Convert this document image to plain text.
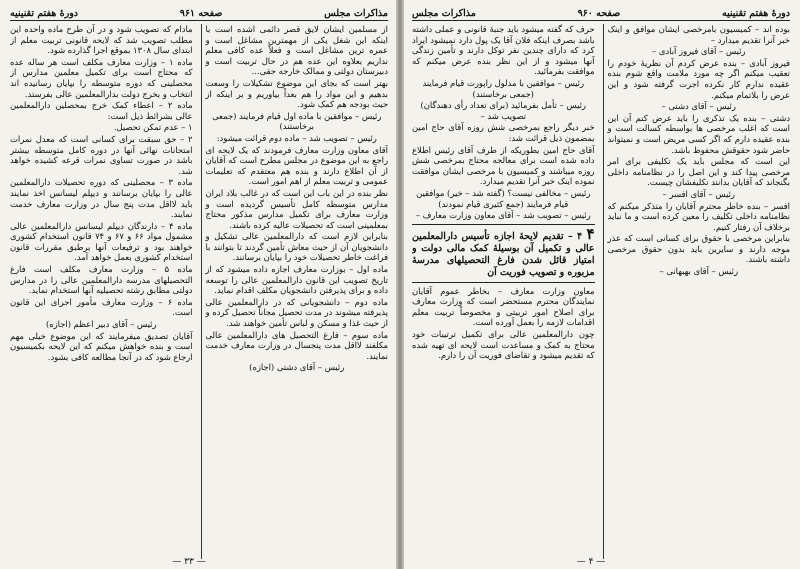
مذاکرات مجلس
صفحه ۹۶۱
دورهٔ هفتم تقنینیه

از مسلمین ایشان لایق قصر دائمی اشده است با اینکه این شغل یکی از مهمترین مشاغل است و عمره ترین مشاغل است و فعلاً عده کافی معلم نداریم بعلاوه این عده هم در حال تربیت است و دبیرستان دولتی و ممالک خارجه حقی...

بهتر است که بجای این موضوع تشکیلات را وسعت بدهیم و این مواد را هم بعداً بیاوریم و بر اینکه از حیث بودجه هم کمک شود.

رئیس – موافقین با ماده اول قیام فرمایند (جمعی برخاستند)

رئیس – تصویب شد – ماده دوم قرائت میشود:

آقای معاون وزارت معارف فرمودند که یک لایحه ای راجع به این موضوع در مجلس مطرح است که آقایان از آن اطلاع دارند و بنده هم معتقدم که تعلیمات عمومی و تربیت معلم از اهم امور است.

نظر بنده در این باب این است که در غالب بلاد ایران مدارس متوسطه کامل تأسیس گردیده است و وزارت معارف برای تکمیل مدارس مذکور محتاج بمعلمینی است که تحصیلات عالیه کرده باشند.

بنابراین لازم است که دارالمعلمین عالی تشکیل و دانشجویان آن از حیث معاش تأمین گردند تا بتوانند با فراغت خاطر تحصیلات خود را بپایان برسانند.

ماده اول – بوزارت معارف اجازه داده میشود که از تاریخ تصویب این قانون دارالمعلمین عالی را توسعه داده و برای پذیرفتن دانشجویان مکلف اقدام نماید.

ماده دوم – دانشجویانی که در دارالمعلمین عالی پذیرفته میشوند در مدت تحصیل مجاناً تحصیل کرده و از حیث غذا و مسکن و لباس تأمین خواهند شد.

ماده سوم – فارغ التحصیل های دارالمعلمین عالی مکلفند لااقل مدت پنجسال در وزارت معارف خدمت نمایند.

رئیس – آقای دشتی (اجازه)

مادام که تصویب شود و در آن طرح ماده واحده این مطلب تصویب شد که لایحه قانونی تربیت معلم از ابتدای سال ۱۳۰۸ بموقع اجرا گذارده شود.

ماده ۱ – وزارت معارف مکلف است هر ساله عده که محتاج است برای تکمیل معلمین مدارس از محصلینی که دوره متوسطه را بپایان رسانیده اند انتخاب و بخرج دولت بدارالمعلمین عالی بفرستد.

ماده ۲ – اعطاء کمک خرج بمحصلین دارالمعلمین عالی بشرائط ذیل است:

۱ – عدم تمکن تحصیل.

۲ – حق سبقت برای کسانی است که معدل نمرات امتحانات نهائی آنها در دوره کامل متوسطه بیشتر باشد در صورت تساوی نمرات قرعه کشیده خواهد شد.

ماده ۳ – محصلینی که دوره تحصیلات دارالمعلمین عالی را بپایان برسانند و دیپلم لیسانس اخذ نمایند باید لااقل مدت پنج سال در وزارت معارف خدمت نمایند.

ماده ۴ – دارندگان دیپلم لیسانس دارالمعلمین عالی مشمول مواد ۶۶ و ۶۷ و ۷۴ قانون استخدام کشوری خواهند بود و ترفیعات آنها برطبق مقررات قانون استخدام کشوری بعمل خواهد آمد.

ماده ۵ – وزارت معارف مکلف است فارغ التحصیلهای مدرسه دارالمعلمین عالی را در مدارس دولتی مطابق رشته تحصیلیه آنها استخدام نماید.

ماده ۶ – وزارت معارف مأمور اجرای این قانون است.

رئیس – آقای دبیر اعظم (اجازه)

آقایان تصدیق میفرمایند که این موضوع خیلی مهم است و بنده خواهش میکنم که این لایحه بکمیسیون ارجاع شود که در آنجا مطالعه کافی بشود.

— ۳۳ —
دورهٔ هفتم تقنینیه
صفحه ۹۶۰
مذاکرات مجلس

بوده اند – کمیسیون بامرخصی ایشان موافق و اینک خبر آنرا تقدیم میدارد –

رئیس – آقای فیروز آبادی –

فیروز آبادی – بنده عرض کردم آن نظریهٔ خودم را تعقیب میکنم اگر چه مورد ملامت واقع شوم بنده عقیده ندارم کار نکرده اجرت گرفته شود و این عرض را بلاتمام میکنم.

رئیس – آقای دشتی –

دشتی – بنده یک تذکری را باید عرض کنم آن این است که اغلب مرخصی ها بواسطه کسالت است و بنده عقیده دارم که اگر کسی مریض است و نمیتواند حاضر شود حقوقش محفوظ باشد.

این است که مجلس باید یک تکلیفی برای امر مرخصی پیدا کند و این اصل را در نظامنامه داخلی بگنجاند که آقایان بدانند تکلیفشان چیست.

رئیس – آقای افسر –

افسر – بنده خاطر محترم آقایان را متذکر میکنم که نظامنامه داخلی تکلیف را معین کرده است و ما نباید برخلاف آن رفتار کنیم.

بنابراین مرخصی با حقوق برای کسانی است که عذر موجه دارند و سایرین باید بدون حقوق مرخصی داشته باشند.

رئیس – آقای بهبهانی –

حرف که گفته میشود باید جنبهٔ قانونی و عملی داشته باشد بصرف اینکه فلان آقا یک پول دارد نمیشود ایراد کرد که دارای چندین نفر توکل دارند و تأمین زندگی آنها میشود و از این نظر بنده عرض میکنم که موافقت بفرمائید.

رئیس – موافقین با مدلول راپورت قیام فرمایند (جمعی برخاستند)

رئیس – تأمل بفرمائید (برای تعداد رأی دهندگان) تصویب شد –

خبر دیگر راجع بمرخصی شش روزه آقای حاج امین بمضمون ذیل قرائت شد:

آقای حاج امین بطوریکه از طرف آقای رئیس اطلاع داده شده است برای معالجه محتاج بمرخصی شش روزه میباشند و کمیسیون با مرخصی ایشان موافقت نموده اینک خبر آنرا تقدیم میدارد.

رئیس – مخالفی نیست؟ (گفته شد – خیر) موافقین قیام فرمایند (جمع کثیری قیام نمودند)

رئیس – تصویب شد – آقای معاون وزارت معارف –

۴ ۴ – تقدیم لایحهٔ اجازه تأسیس دارالمعلمین عالی و تکمیل آن بوسیلهٔ کمک مالی دولت و امتیاز قائل شدن فارغ التحصیلهای مدرسهٔ مزبوره و تصویب فوریت آن

معاون وزارت معارف – بخاطر عموم آقایان نمایندگان محترم مستحضر است که وزارت معارف برای اصلاح امور تربیتی و مخصوصاً تربیت معلم اقدامات لازمه را بعمل آورده است.

چون دارالمعلمین عالی برای تکمیل ترتیبات خود محتاج به کمک و مساعدت است لایحه ای تهیه شده که تقدیم میشود و تقاضای فوریت آن را دارم.

— ۴ —
